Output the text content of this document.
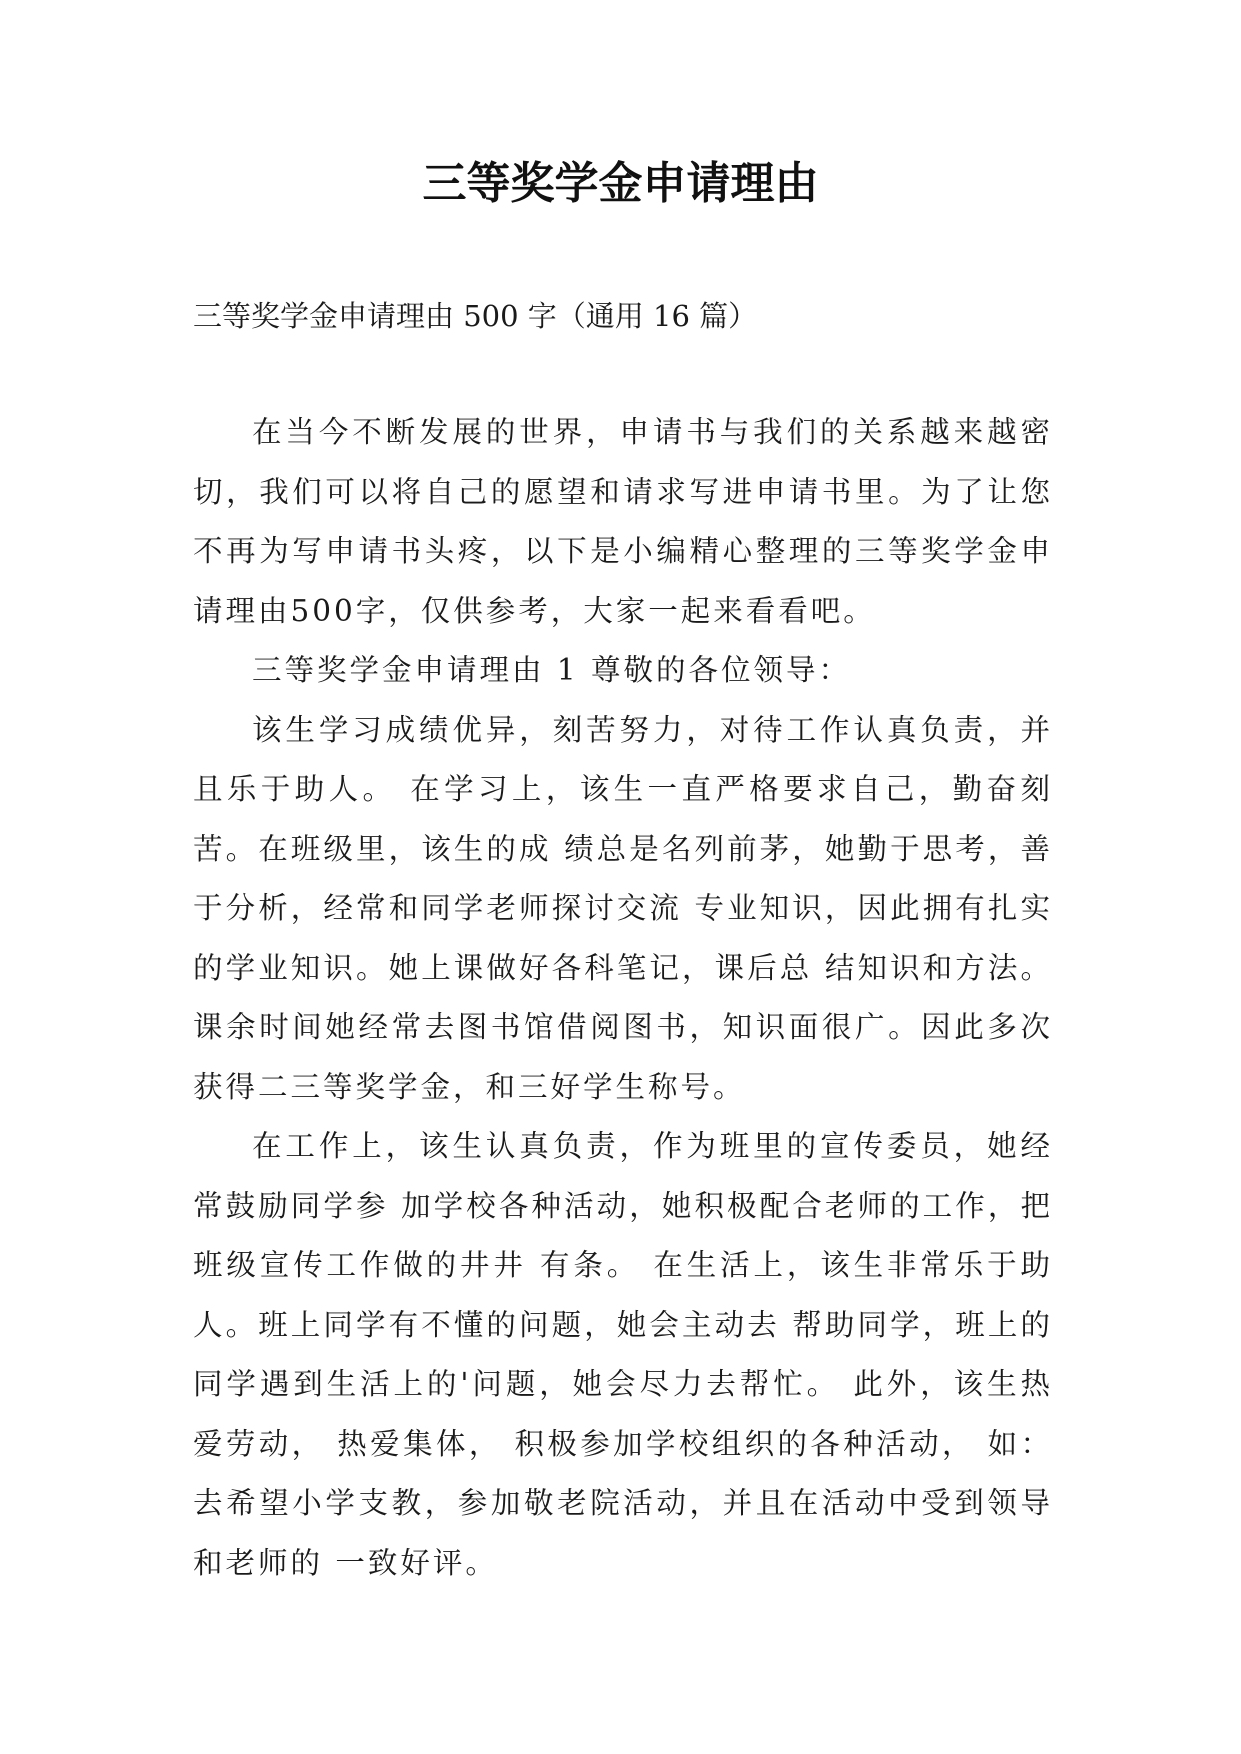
三等奖学金申请理由

三等奖学金申请理由 500 字（通用 16 篇）

在当今不断发展的世界，申请书与我们的关系越来越密切，我们可以将自己的愿望和请求写进申请书里。为了让您不再为写申请书头疼，以下是小编精心整理的三等奖学金申请理由500字，仅供参考，大家一起来看看吧。

三等奖学金申请理由 1 尊敬的各位领导：

该生学习成绩优异，刻苦努力，对待工作认真负责，并且乐于助人。 在学习上，该生一直严格要求自己，勤奋刻苦。在班级里，该生的成 绩总是名列前茅，她勤于思考，善于分析，经常和同学老师探讨交流 专业知识，因此拥有扎实的学业知识。她上课做好各科笔记，课后总 结知识和方法。课余时间她经常去图书馆借阅图书，知识面很广。因此多次获得二三等奖学金，和三好学生称号。

在工作上，该生认真负责，作为班里的宣传委员，她经常鼓励同学参 加学校各种活动，她积极配合老师的工作，把班级宣传工作做的井井 有条。 在生活上，该生非常乐于助人。班上同学有不懂的问题，她会主动去 帮助同学，班上的同学遇到生活上的'问题，她会尽力去帮忙。 此外，该生热爱劳动， 热爱集体， 积极参加学校组织的各种活动， 如： 去希望小学支教，参加敬老院活动，并且在活动中受到领导和老师的 一致好评。
